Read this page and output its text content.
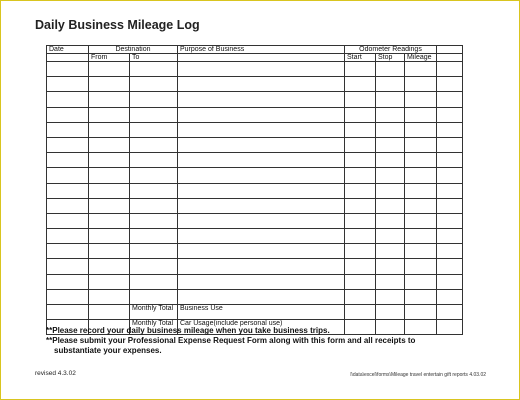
Daily Business Mileage Log
Date	Destination		Purpose of Business	Odometer Readings			
	From	To		Start	Stop	Mileage	

		Monthly Total	Business Use				
		Monthly Total	Car Usage(include personal use)				
**Please record your daily business mileage when you take business trips.
**Please submit your Professional Expense Request Form along with this form and all receipts to
substantiate your expenses.
revised 4.3.02	l\data\excel\forms\Mileage travel entertain gift reports 4.03.02
